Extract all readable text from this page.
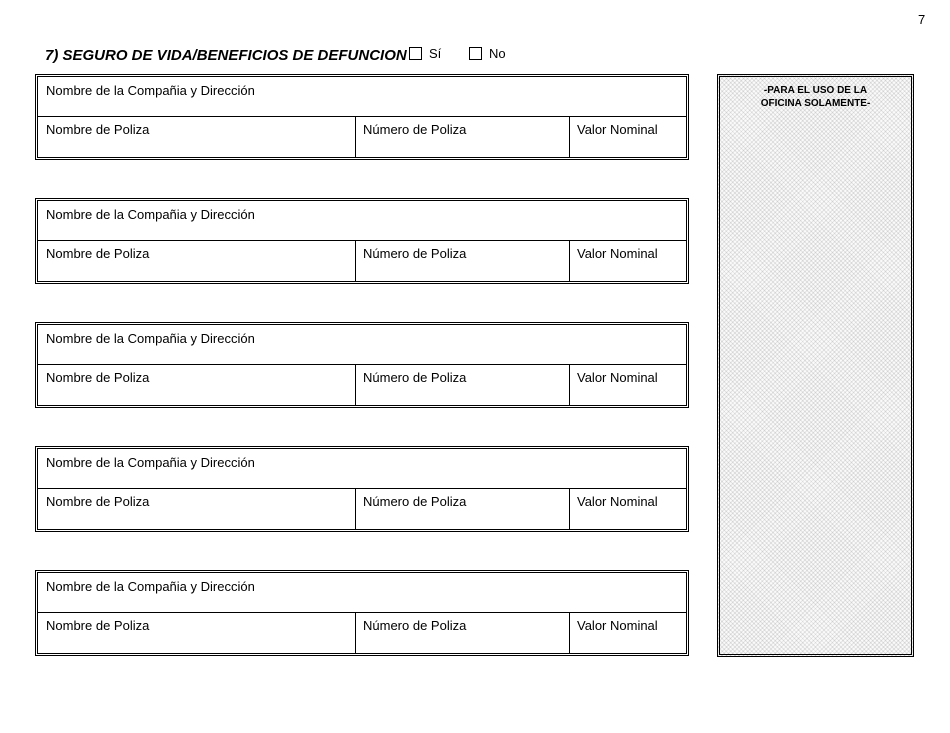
7
7) SEGURO DE VIDA/BENEFICIOS DE DEFUNCION Sí	No
Nombre de la Compañia y Dirección
Nombre de Poliza	Número de Poliza	Valor Nominal
Nombre de la Compañia y Dirección
Nombre de Poliza	Número de Poliza	Valor Nominal
Nombre de la Compañia y Dirección
Nombre de Poliza	Número de Poliza	Valor Nominal
Nombre de la Compañia y Dirección
Nombre de Poliza	Número de Poliza	Valor Nominal
Nombre de la Compañia y Dirección
Nombre de Poliza	Número de Poliza	Valor Nominal
-PARA EL USO DE LA
OFICINA SOLAMENTE-
